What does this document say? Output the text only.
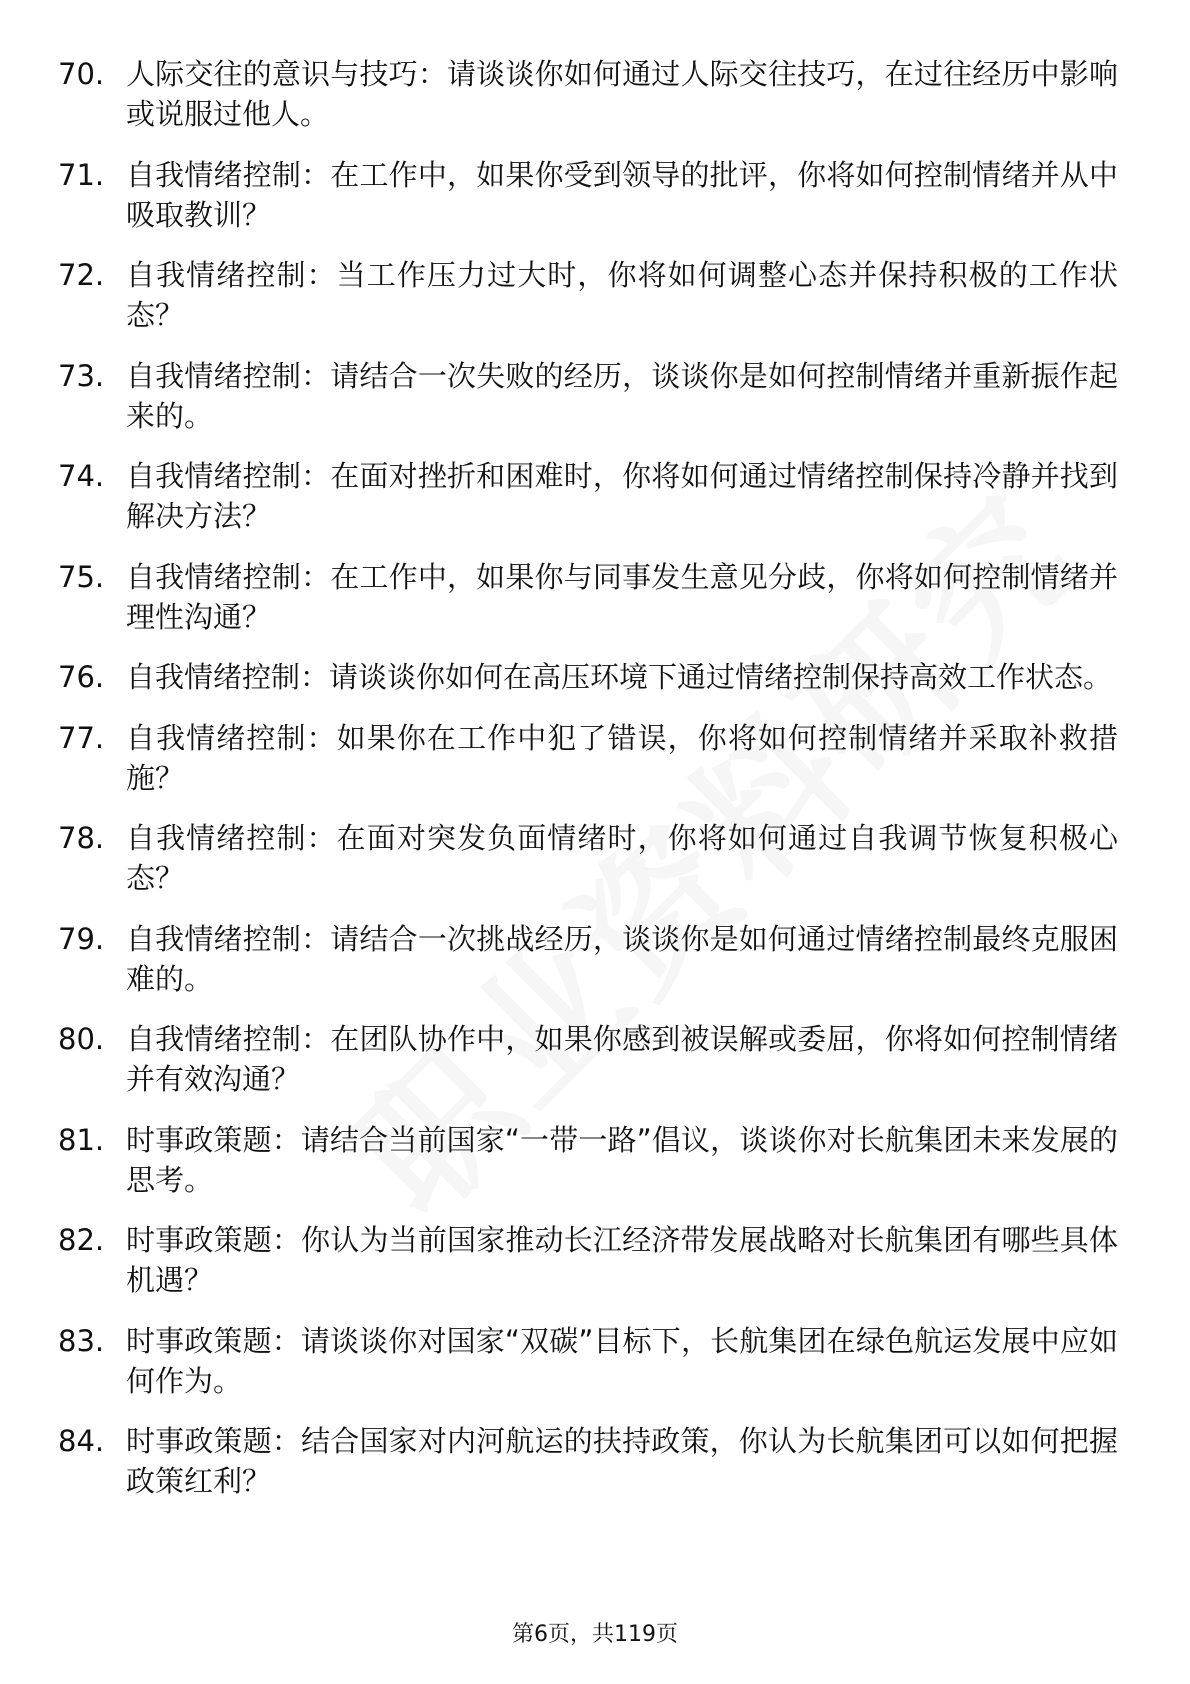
70. 人际交往的意识与技巧：请谈谈你如何通过人际交往技巧，在过往经历中影响或说服过他人。
71. 自我情绪控制：在工作中，如果你受到领导的批评，你将如何控制情绪并从中吸取教训？
72. 自我情绪控制：当工作压力过大时，你将如何调整心态并保持积极的工作状态？
73. 自我情绪控制：请结合一次失败的经历，谈谈你是如何控制情绪并重新振作起来的。
74. 自我情绪控制：在面对挫折和困难时，你将如何通过情绪控制保持冷静并找到解决方法？
75. 自我情绪控制：在工作中，如果你与同事发生意见分歧，你将如何控制情绪并理性沟通？
76. 自我情绪控制：请谈谈你如何在高压环境下通过情绪控制保持高效工作状态。
77. 自我情绪控制：如果你在工作中犯了错误，你将如何控制情绪并采取补救措施？
78. 自我情绪控制：在面对突发负面情绪时，你将如何通过自我调节恢复积极心态？
79. 自我情绪控制：请结合一次挑战经历，谈谈你是如何通过情绪控制最终克服困难的。
80. 自我情绪控制：在团队协作中，如果你感到被误解或委屈，你将如何控制情绪并有效沟通？
81. 时事政策题：请结合当前国家“一带一路”倡议，谈谈你对长航集团未来发展的思考。
82. 时事政策题：你认为当前国家推动长江经济带发展战略对长航集团有哪些具体机遇？
83. 时事政策题：请谈谈你对国家“双碳”目标下，长航集团在绿色航运发展中应如何作为。
84. 时事政策题：结合国家对内河航运的扶持政策，你认为长航集团可以如何把握政策红利？
第6页，共119页
